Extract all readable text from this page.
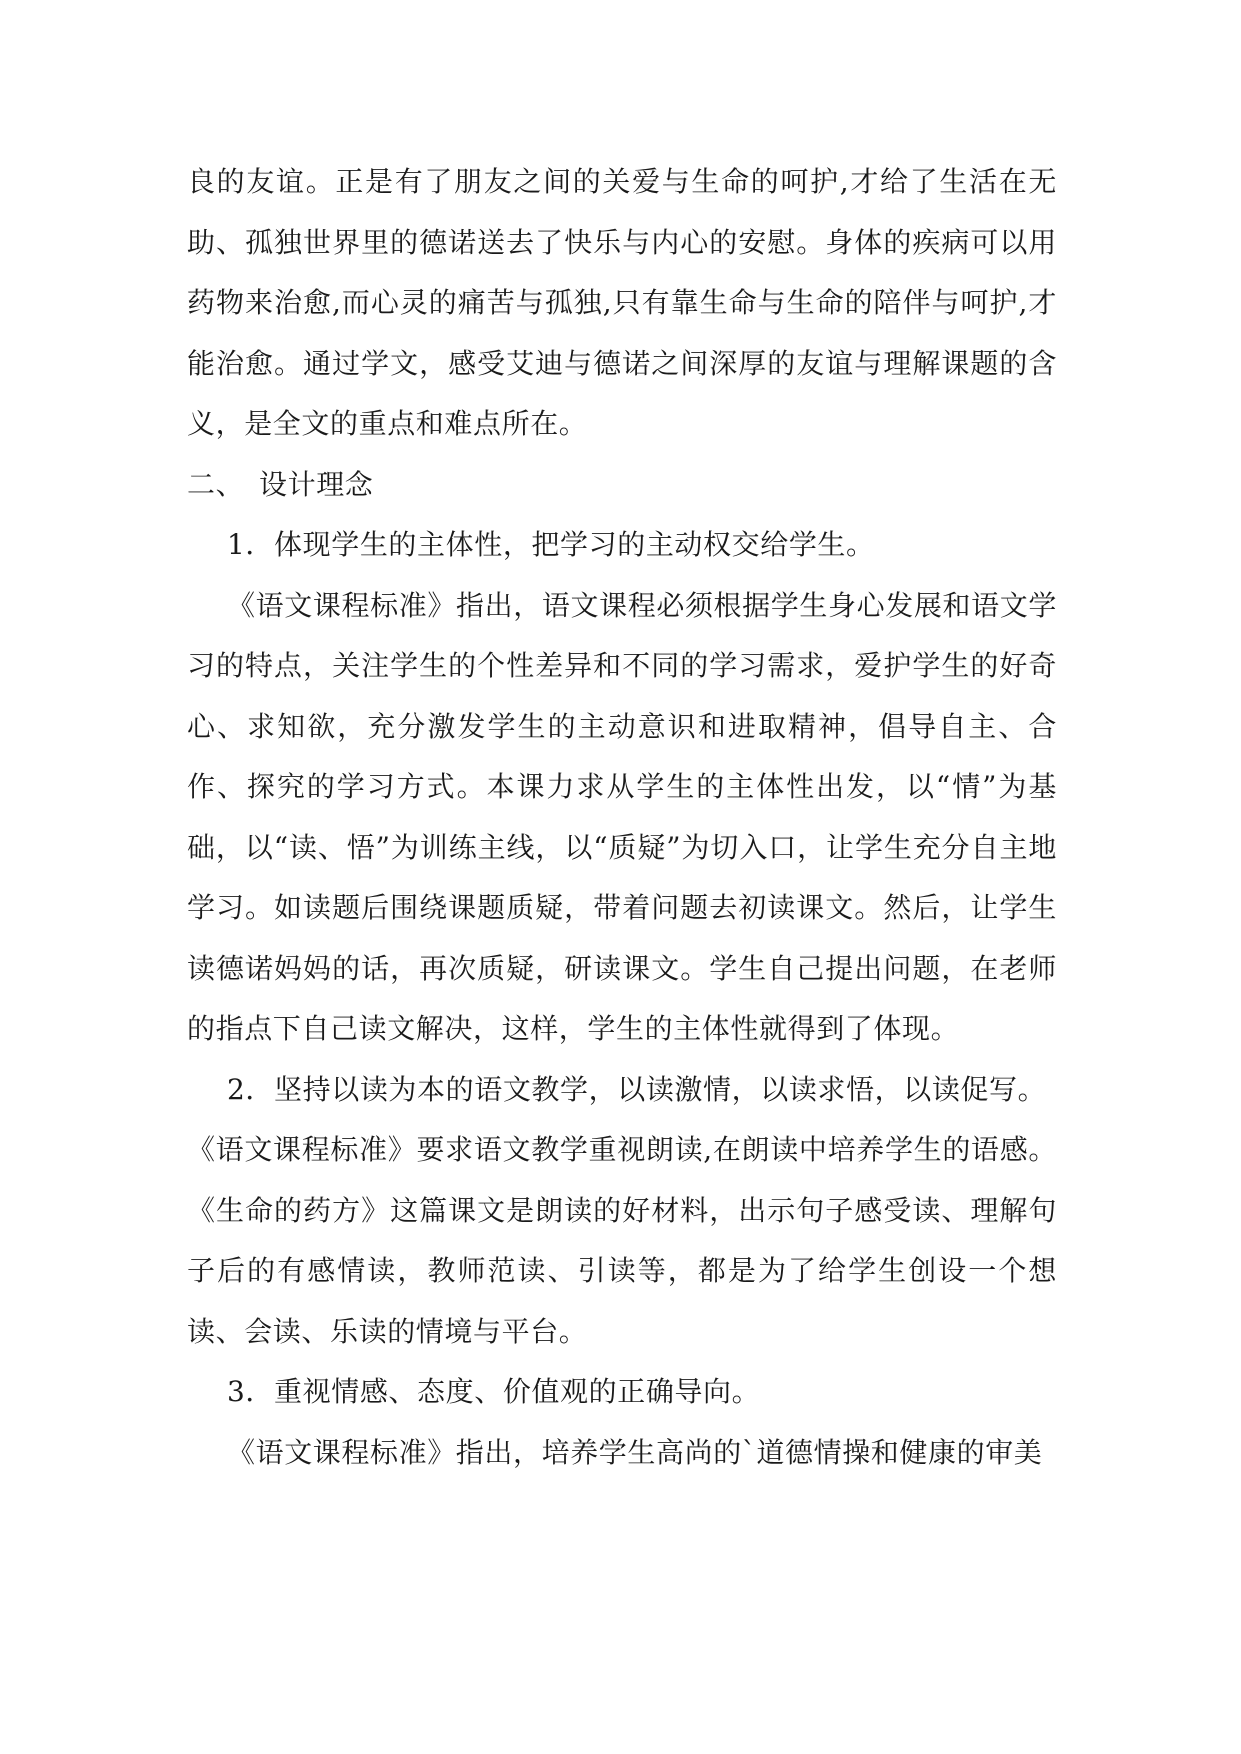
良的友谊。正是有了朋友之间的关爱与生命的呵护,才给了生活在无助、孤独世界里的德诺送去了快乐与内心的安慰。身体的疾病可以用药物来治愈,而心灵的痛苦与孤独,只有靠生命与生命的陪伴与呵护,才能治愈。通过学文，感受艾迪与德诺之间深厚的友谊与理解课题的含义，是全文的重点和难点所在。

二、 设计理念

1．体现学生的主体性，把学习的主动权交给学生。

《语文课程标准》指出，语文课程必须根据学生身心发展和语文学习的特点，关注学生的个性差异和不同的学习需求，爱护学生的好奇心、求知欲，充分激发学生的主动意识和进取精神，倡导自主、合作、探究的学习方式。本课力求从学生的主体性出发，以“情”为基础，以“读、悟”为训练主线，以“质疑”为切入口，让学生充分自主地学习。如读题后围绕课题质疑，带着问题去初读课文。然后，让学生读德诺妈妈的话，再次质疑，研读课文。学生自己提出问题，在老师的指点下自己读文解决，这样，学生的主体性就得到了体现。

2．坚持以读为本的语文教学，以读激情，以读求悟，以读促写。

《语文课程标准》要求语文教学重视朗读,在朗读中培养学生的语感。《生命的药方》这篇课文是朗读的好材料，出示句子感受读、理解句子后的有感情读，教师范读、引读等，都是为了给学生创设一个想读、会读、乐读的情境与平台。

3．重视情感、态度、价值观的正确导向。

《语文课程标准》指出，培养学生高尚的`道德情操和健康的审美
